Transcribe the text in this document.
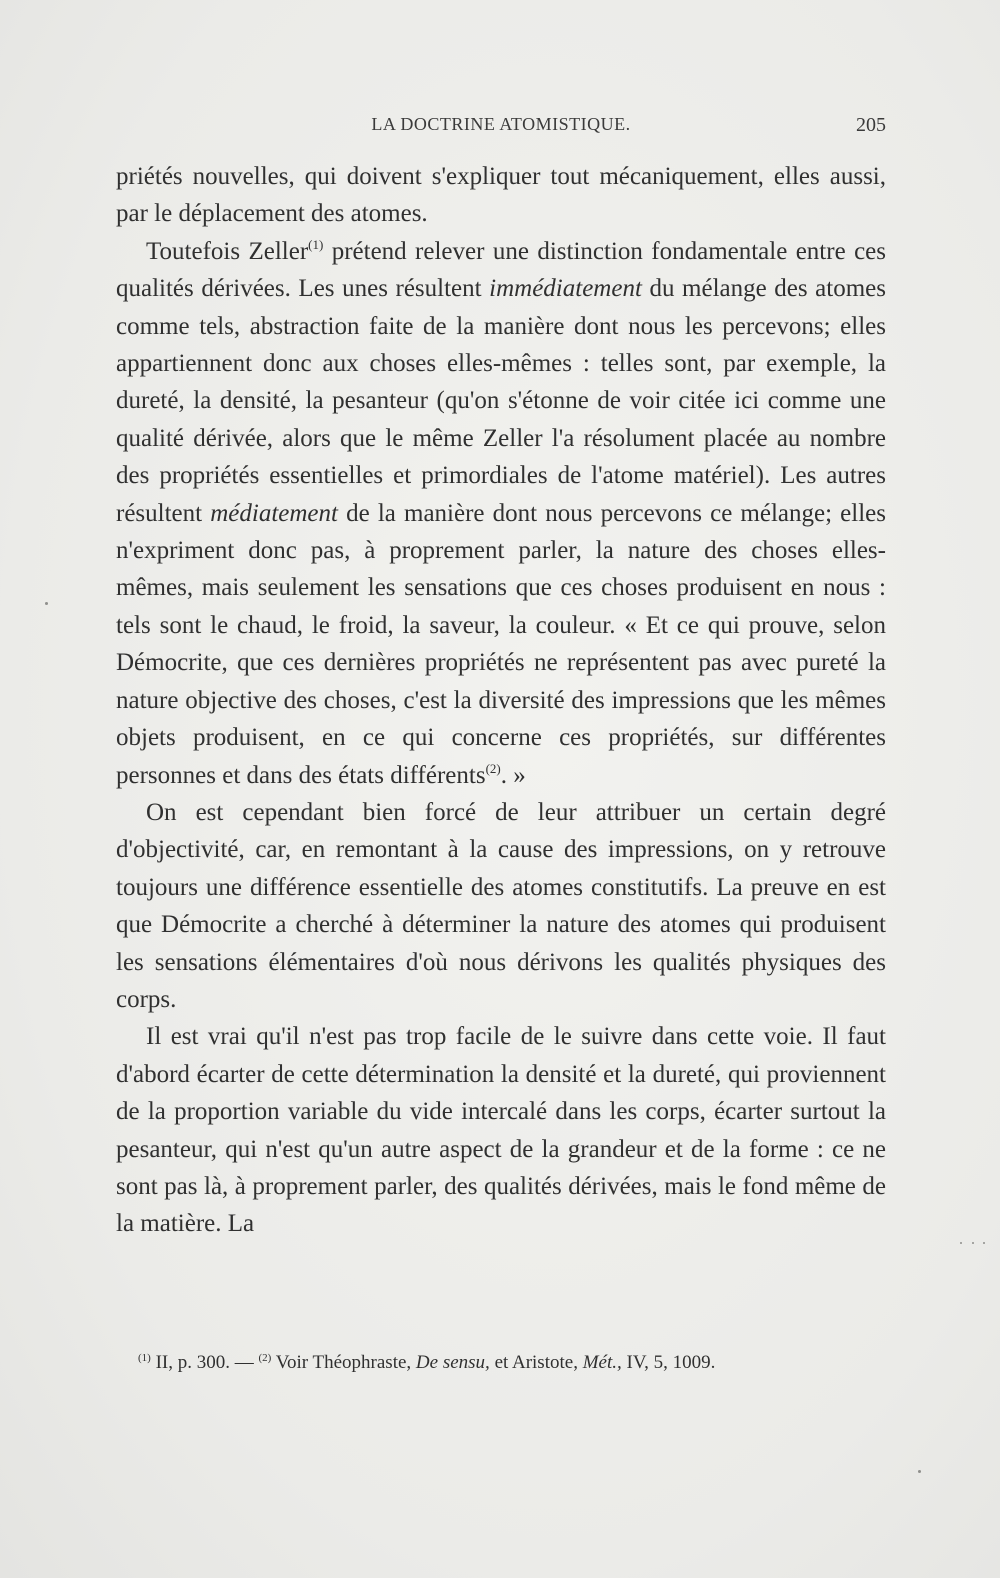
LA DOCTRINE ATOMISTIQUE.	205

priétés nouvelles, qui doivent s'expliquer tout mécaniquement, elles aussi, par le déplacement des atomes.

Toutefois Zeller$^{(1)}$ prétend relever une distinction fondamentale entre ces qualités dérivées. Les unes résultent immédiatement du mélange des atomes comme tels, abstraction faite de la manière dont nous les percevons; elles appartiennent donc aux choses elles-mêmes : telles sont, par exemple, la dureté, la densité, la pesanteur (qu'on s'étonne de voir citée ici comme une qualité dérivée, alors que le même Zeller l'a résolument placée au nombre des propriétés essentielles et primordiales de l'atome matériel). Les autres résultent médiatement de la manière dont nous percevons ce mélange; elles n'expriment donc pas, à proprement parler, la nature des choses elles-mêmes, mais seulement les sensations que ces choses produisent en nous : tels sont le chaud, le froid, la saveur, la couleur. « Et ce qui prouve, selon Démocrite, que ces dernières propriétés ne représentent pas avec pureté la nature objective des choses, c'est la diversité des impressions que les mêmes objets produisent, en ce qui concerne ces propriétés, sur différentes personnes et dans des états différents$^{(2)}$. »

On est cependant bien forcé de leur attribuer un certain degré d'objectivité, car, en remontant à la cause des impressions, on y retrouve toujours une différence essentielle des atomes constitutifs. La preuve en est que Démocrite a cherché à déterminer la nature des atomes qui produisent les sensations élémentaires d'où nous dérivons les qualités physiques des corps.

Il est vrai qu'il n'est pas trop facile de le suivre dans cette voie. Il faut d'abord écarter de cette détermination la densité et la dureté, qui proviennent de la proportion variable du vide intercalé dans les corps, écarter surtout la pesanteur, qui n'est qu'un autre aspect de la grandeur et de la forme : ce ne sont pas là, à proprement parler, des qualités dérivées, mais le fond même de la matière. La

$^{(1)}$ II, p. 300. — $^{(2)}$ Voir Théophraste, De sensu, et Aristote, Mét., IV, 5, 1009.
